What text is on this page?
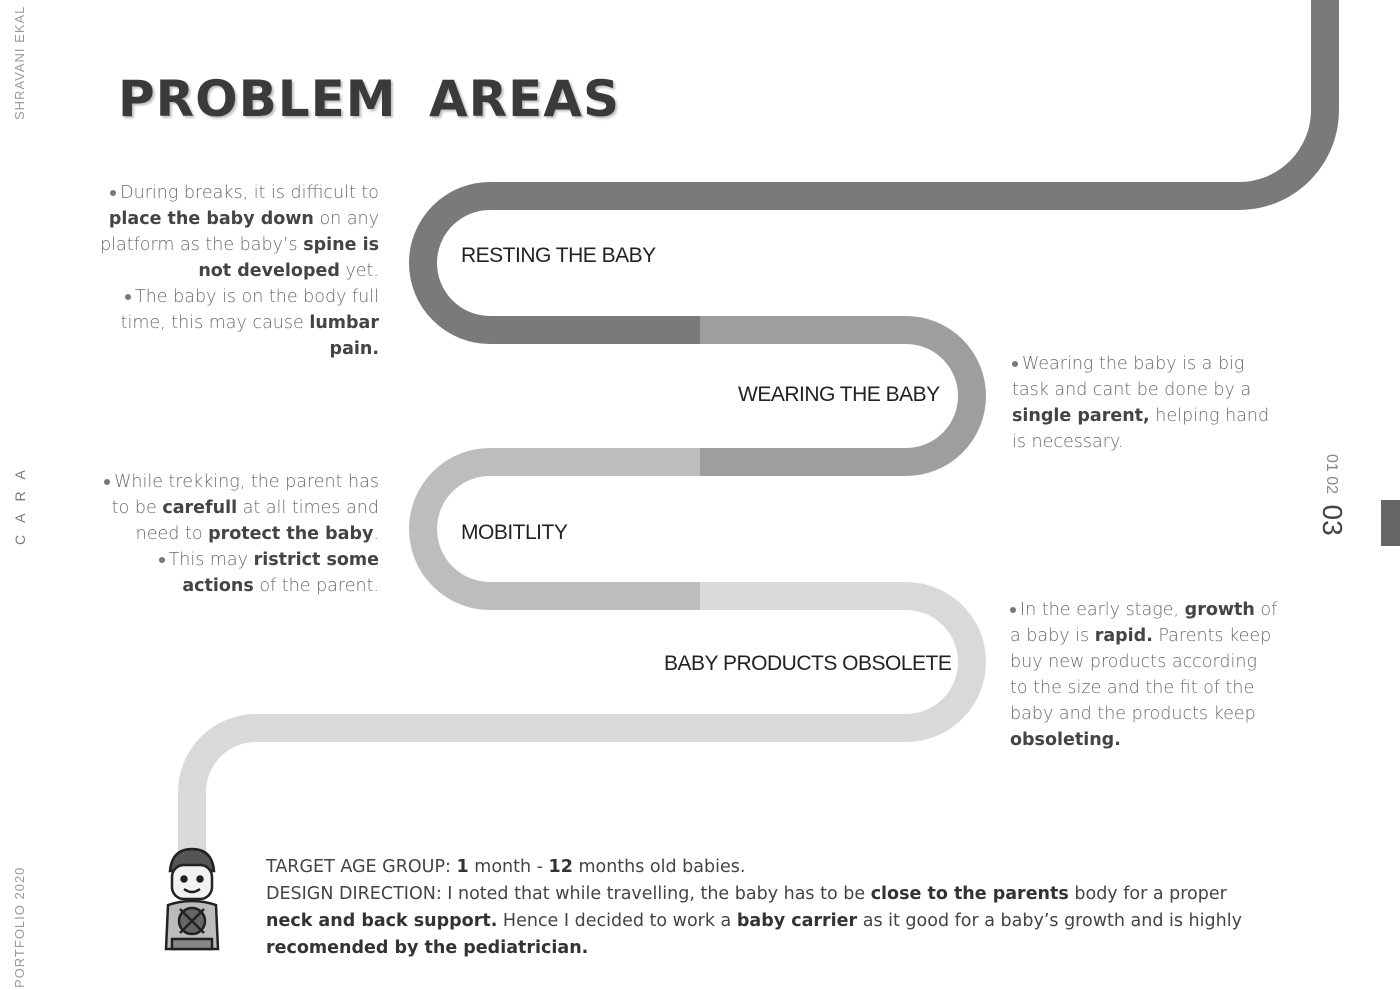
SHRAVANI EKAL
CARA
PORTFOLIO 2020
PROBLEM AREAS
RESTING THE BABY
WEARING THE BABY
MOBITLITY
BABY PRODUCTS OBSOLETE
During breaks, it is difficult to place the baby down on any platform as the baby’s spine is not developed yet.
The baby is on the body full time, this may cause lumbar pain.
Wearing the baby is a big task and cant be done by a single parent, helping hand is necessary.
While trekking, the parent has to be carefull at all times and need to protect the baby.
This may ristrict some actions of the parent.
In the early stage, growth of a baby is rapid. Parents keep buy new products according to the size and the fit of the baby and the products keep obsoleting.
01 02 03
TARGET AGE GROUP: 1 month - 12 months old babies.
DESIGN DIRECTION: I noted that while travelling, the baby has to be close to the parents body for a proper neck and back support. Hence I decided to work a baby carrier as it good for a baby’s growth and is highly recomended by the pediatrician.
